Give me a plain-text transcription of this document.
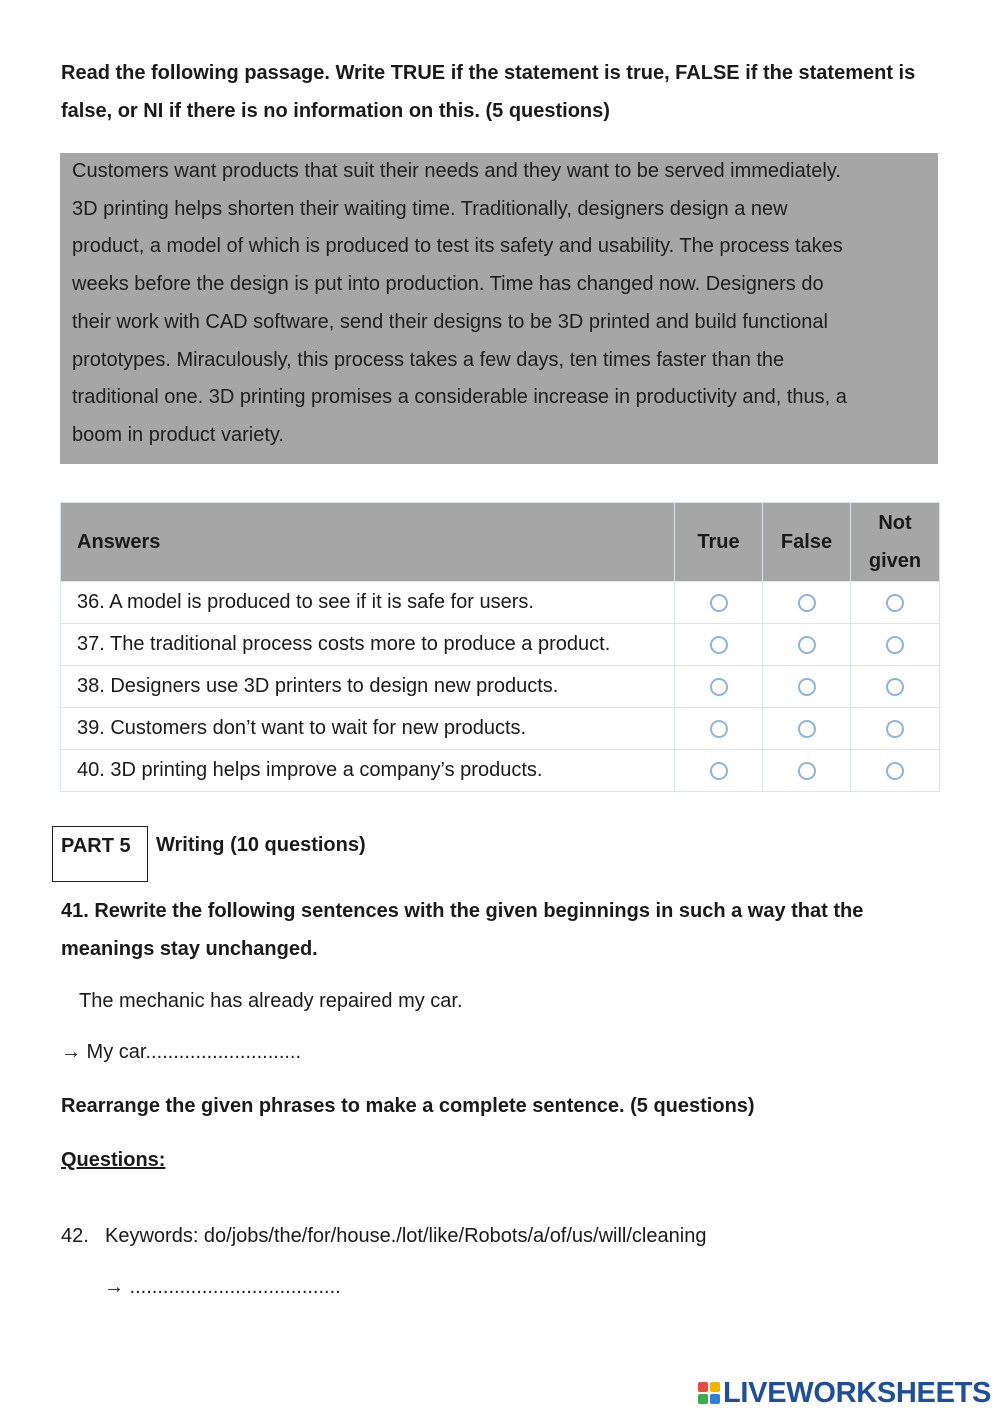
Read the following passage. Write TRUE if the statement is true, FALSE if the statement is false, or NI if there is no information on this. (5 questions)

Customers want products that suit their needs and they want to be served immediately.

3D printing helps shorten their waiting time. Traditionally, designers design a new

product, a model of which is produced to test its safety and usability. The process takes

weeks before the design is put into production. Time has changed now. Designers do

their work with CAD software, send their designs to be 3D printed and build functional

prototypes. Miraculously, this process takes a few days, ten times faster than the

traditional one. 3D printing promises a considerable increase in productivity and, thus, a

boom in product variety.

Answers	True	False	Not
given
36. A model is produced to see if it is safe for users.			
37. The traditional process costs more to produce a product.			
38. Designers use 3D printers to design new products.			
39. Customers don’t want to wait for new products.			
40. 3D printing helps improve a company’s products.			
PART 5	Writing (10 questions)

41. Rewrite the following sentences with the given beginnings in such a way that the meanings stay unchanged.

The mechanic has already repaired my car.
→ My car............................
Rearrange the given phrases to make a complete sentence. (5 questions)
Questions:
42. Keywords: do/jobs/the/for/house./lot/like/Robots/a/of/us/will/cleaning
→ ......................................
LIVEWORKSHEETS
